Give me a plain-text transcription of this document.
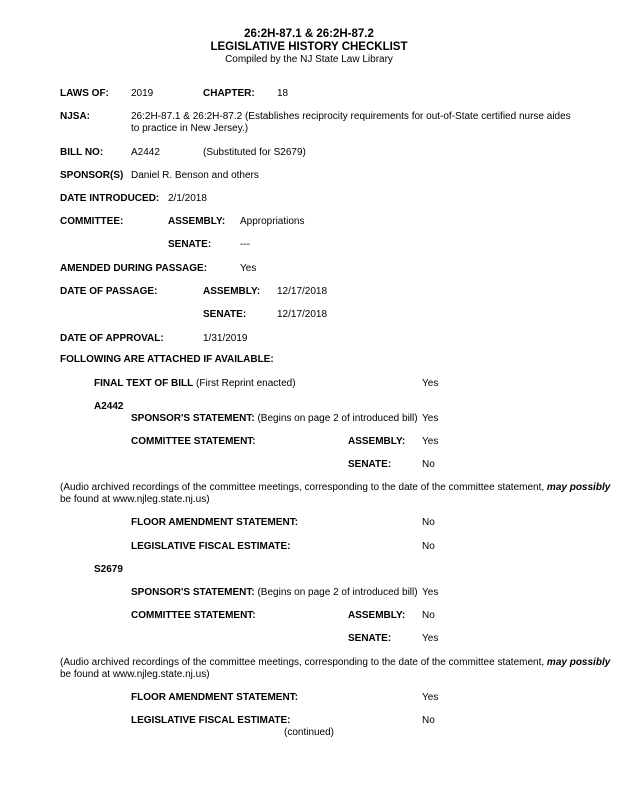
26:2H-87.1 & 26:2H-87.2
LEGISLATIVE HISTORY CHECKLIST
Compiled by the NJ State Law Library
LAWS OF: 2019	CHAPTER: 18
NJSA:	26:2H-87.1 & 26:2H-87.2 (Establishes reciprocity requirements for out-of-State certified nurse aides to practice in New Jersey.)
BILL NO:	A2442	(Substituted for S2679)
SPONSOR(S) Daniel R. Benson and others
DATE INTRODUCED: 2/1/2018
COMMITTEE:	ASSEMBLY: Appropriations
SENATE:	---
AMENDED DURING PASSAGE:	Yes
DATE OF PASSAGE:	ASSEMBLY: 12/17/2018
SENATE:	12/17/2018
DATE OF APPROVAL:	1/31/2019
FOLLOWING ARE ATTACHED IF AVAILABLE:
FINAL TEXT OF BILL (First Reprint enacted)	Yes
A2442
SPONSOR'S STATEMENT: (Begins on page 2 of introduced bill) Yes
COMMITTEE STATEMENT:	ASSEMBLY: Yes
SENATE:	No
(Audio archived recordings of the committee meetings, corresponding to the date of the committee statement, may possibly
be found at www.njleg.state.nj.us)
FLOOR AMENDMENT STATEMENT:	No
LEGISLATIVE FISCAL ESTIMATE:	No
S2679
SPONSOR'S STATEMENT: (Begins on page 2 of introduced bill) Yes
COMMITTEE STATEMENT:	ASSEMBLY: No
SENATE:	Yes
(Audio archived recordings of the committee meetings, corresponding to the date of the committee statement, may possibly
be found at www.njleg.state.nj.us)
FLOOR AMENDMENT STATEMENT:	Yes
LEGISLATIVE FISCAL ESTIMATE:	No
(continued)
